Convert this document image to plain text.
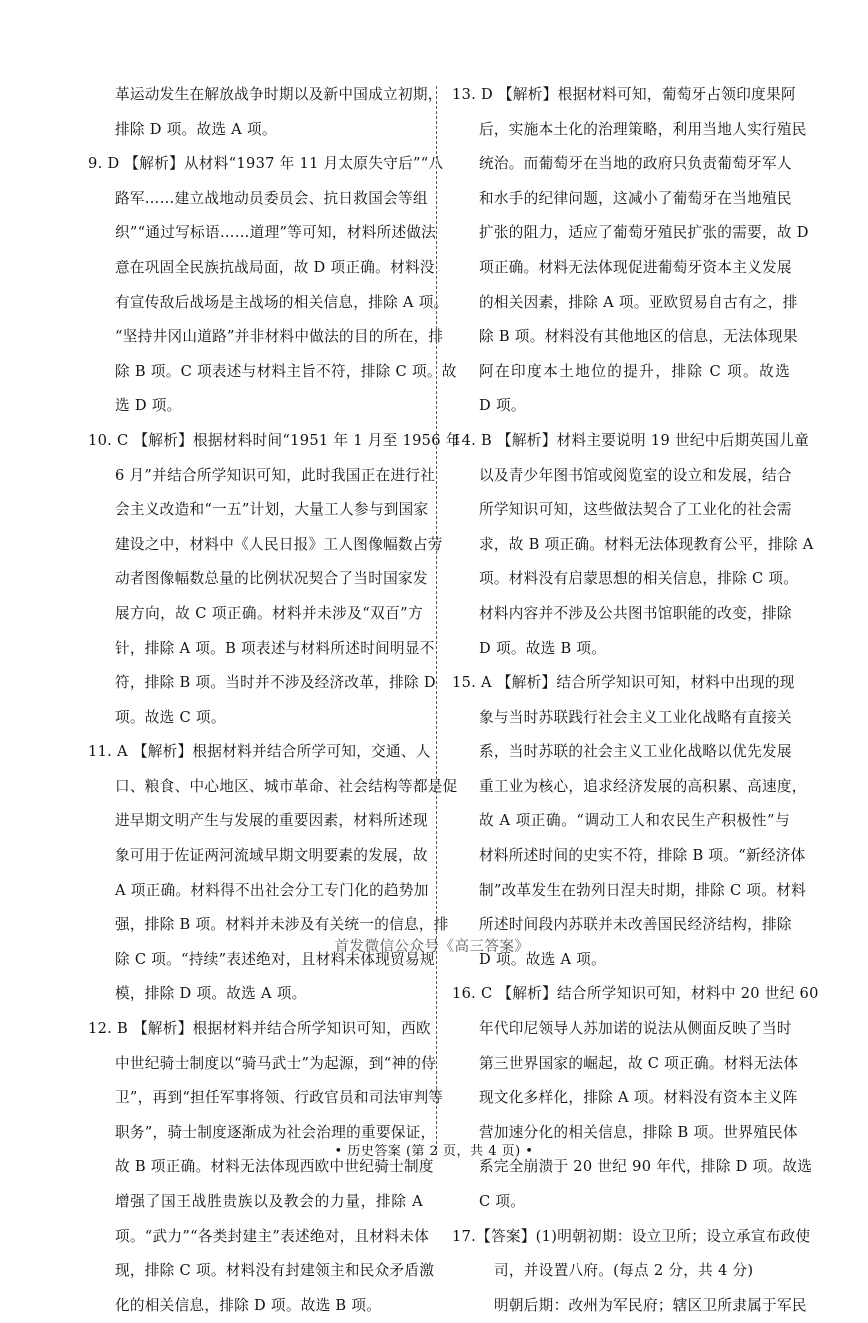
革运动发生在解放战争时期以及新中国成立初期，
排除 D 项。故选 A 项。
9. D 【解析】从材料“1937 年 11 月太原失守后”“八
路军……建立战地动员委员会、抗日救国会等组
织”“通过写标语……道理”等可知，材料所述做法
意在巩固全民族抗战局面，故 D 项正确。材料没
有宣传敌后战场是主战场的相关信息，排除 A 项。
“坚持井冈山道路”并非材料中做法的目的所在，排
除 B 项。C 项表述与材料主旨不符，排除 C 项。故
选 D 项。
10. C 【解析】根据材料时间“1951 年 1 月至 1956 年
6 月”并结合所学知识可知，此时我国正在进行社
会主义改造和“一五”计划，大量工人参与到国家
建设之中，材料中《人民日报》工人图像幅数占劳
动者图像幅数总量的比例状况契合了当时国家发
展方向，故 C 项正确。材料并未涉及“双百”方
针，排除 A 项。B 项表述与材料所述时间明显不
符，排除 B 项。当时并不涉及经济改革，排除 D
项。故选 C 项。
11. A 【解析】根据材料并结合所学可知，交通、人
口、粮食、中心地区、城市革命、社会结构等都是促
进早期文明产生与发展的重要因素，材料所述现
象可用于佐证两河流域早期文明要素的发展，故
A 项正确。材料得不出社会分工专门化的趋势加
强，排除 B 项。材料并未涉及有关统一的信息，排
除 C 项。“持续”表述绝对，且材料未体现贸易规
模，排除 D 项。故选 A 项。
12. B 【解析】根据材料并结合所学知识可知，西欧
中世纪骑士制度以“骑马武士”为起源，到“神的侍
卫”，再到“担任军事将领、行政官员和司法审判等
职务”，骑士制度逐渐成为社会治理的重要保证，
故 B 项正确。材料无法体现西欧中世纪骑士制度
增强了国王战胜贵族以及教会的力量，排除 A
项。“武力”“各类封建主”表述绝对，且材料未体
现，排除 C 项。材料没有封建领主和民众矛盾激
化的相关信息，排除 D 项。故选 B 项。
13. D 【解析】根据材料可知，葡萄牙占领印度果阿
后，实施本土化的治理策略，利用当地人实行殖民
统治。而葡萄牙在当地的政府只负责葡萄牙军人
和水手的纪律问题，这减小了葡萄牙在当地殖民
扩张的阻力，适应了葡萄牙殖民扩张的需要，故 D
项正确。材料无法体现促进葡萄牙资本主义发展
的相关因素，排除 A 项。亚欧贸易自古有之，排
除 B 项。材料没有其他地区的信息，无法体现果
阿在印度本土地位的提升，排除 C 项。故选
D 项。
14. B 【解析】材料主要说明 19 世纪中后期英国儿童
以及青少年图书馆或阅览室的设立和发展，结合
所学知识可知，这些做法契合了工业化的社会需
求，故 B 项正确。材料无法体现教育公平，排除 A
项。材料没有启蒙思想的相关信息，排除 C 项。
材料内容并不涉及公共图书馆职能的改变，排除
D 项。故选 B 项。
15. A 【解析】结合所学知识可知，材料中出现的现
象与当时苏联践行社会主义工业化战略有直接关
系，当时苏联的社会主义工业化战略以优先发展
重工业为核心，追求经济发展的高积累、高速度，
故 A 项正确。“调动工人和农民生产积极性”与
材料所述时间的史实不符，排除 B 项。“新经济体
制”改革发生在勃列日涅夫时期，排除 C 项。材料
所述时间段内苏联并未改善国民经济结构，排除
D 项。故选 A 项。
16. C 【解析】结合所学知识可知，材料中 20 世纪 60
年代印尼领导人苏加诺的说法从侧面反映了当时
第三世界国家的崛起，故 C 项正确。材料无法体
现文化多样化，排除 A 项。材料没有资本主义阵
营加速分化的相关信息，排除 B 项。世界殖民体
系完全崩溃于 20 世纪 90 年代，排除 D 项。故选
C 项。
17.【答案】(1)明朝初期：设立卫所；设立承宣布政使
司，并设置八府。(每点 2 分，共 4 分)
明朝后期：改州为军民府；辖区卫所隶属于军民
首发微信公众号《高三答案》
• 历史答案 (第 2 页，共 4 页) •
